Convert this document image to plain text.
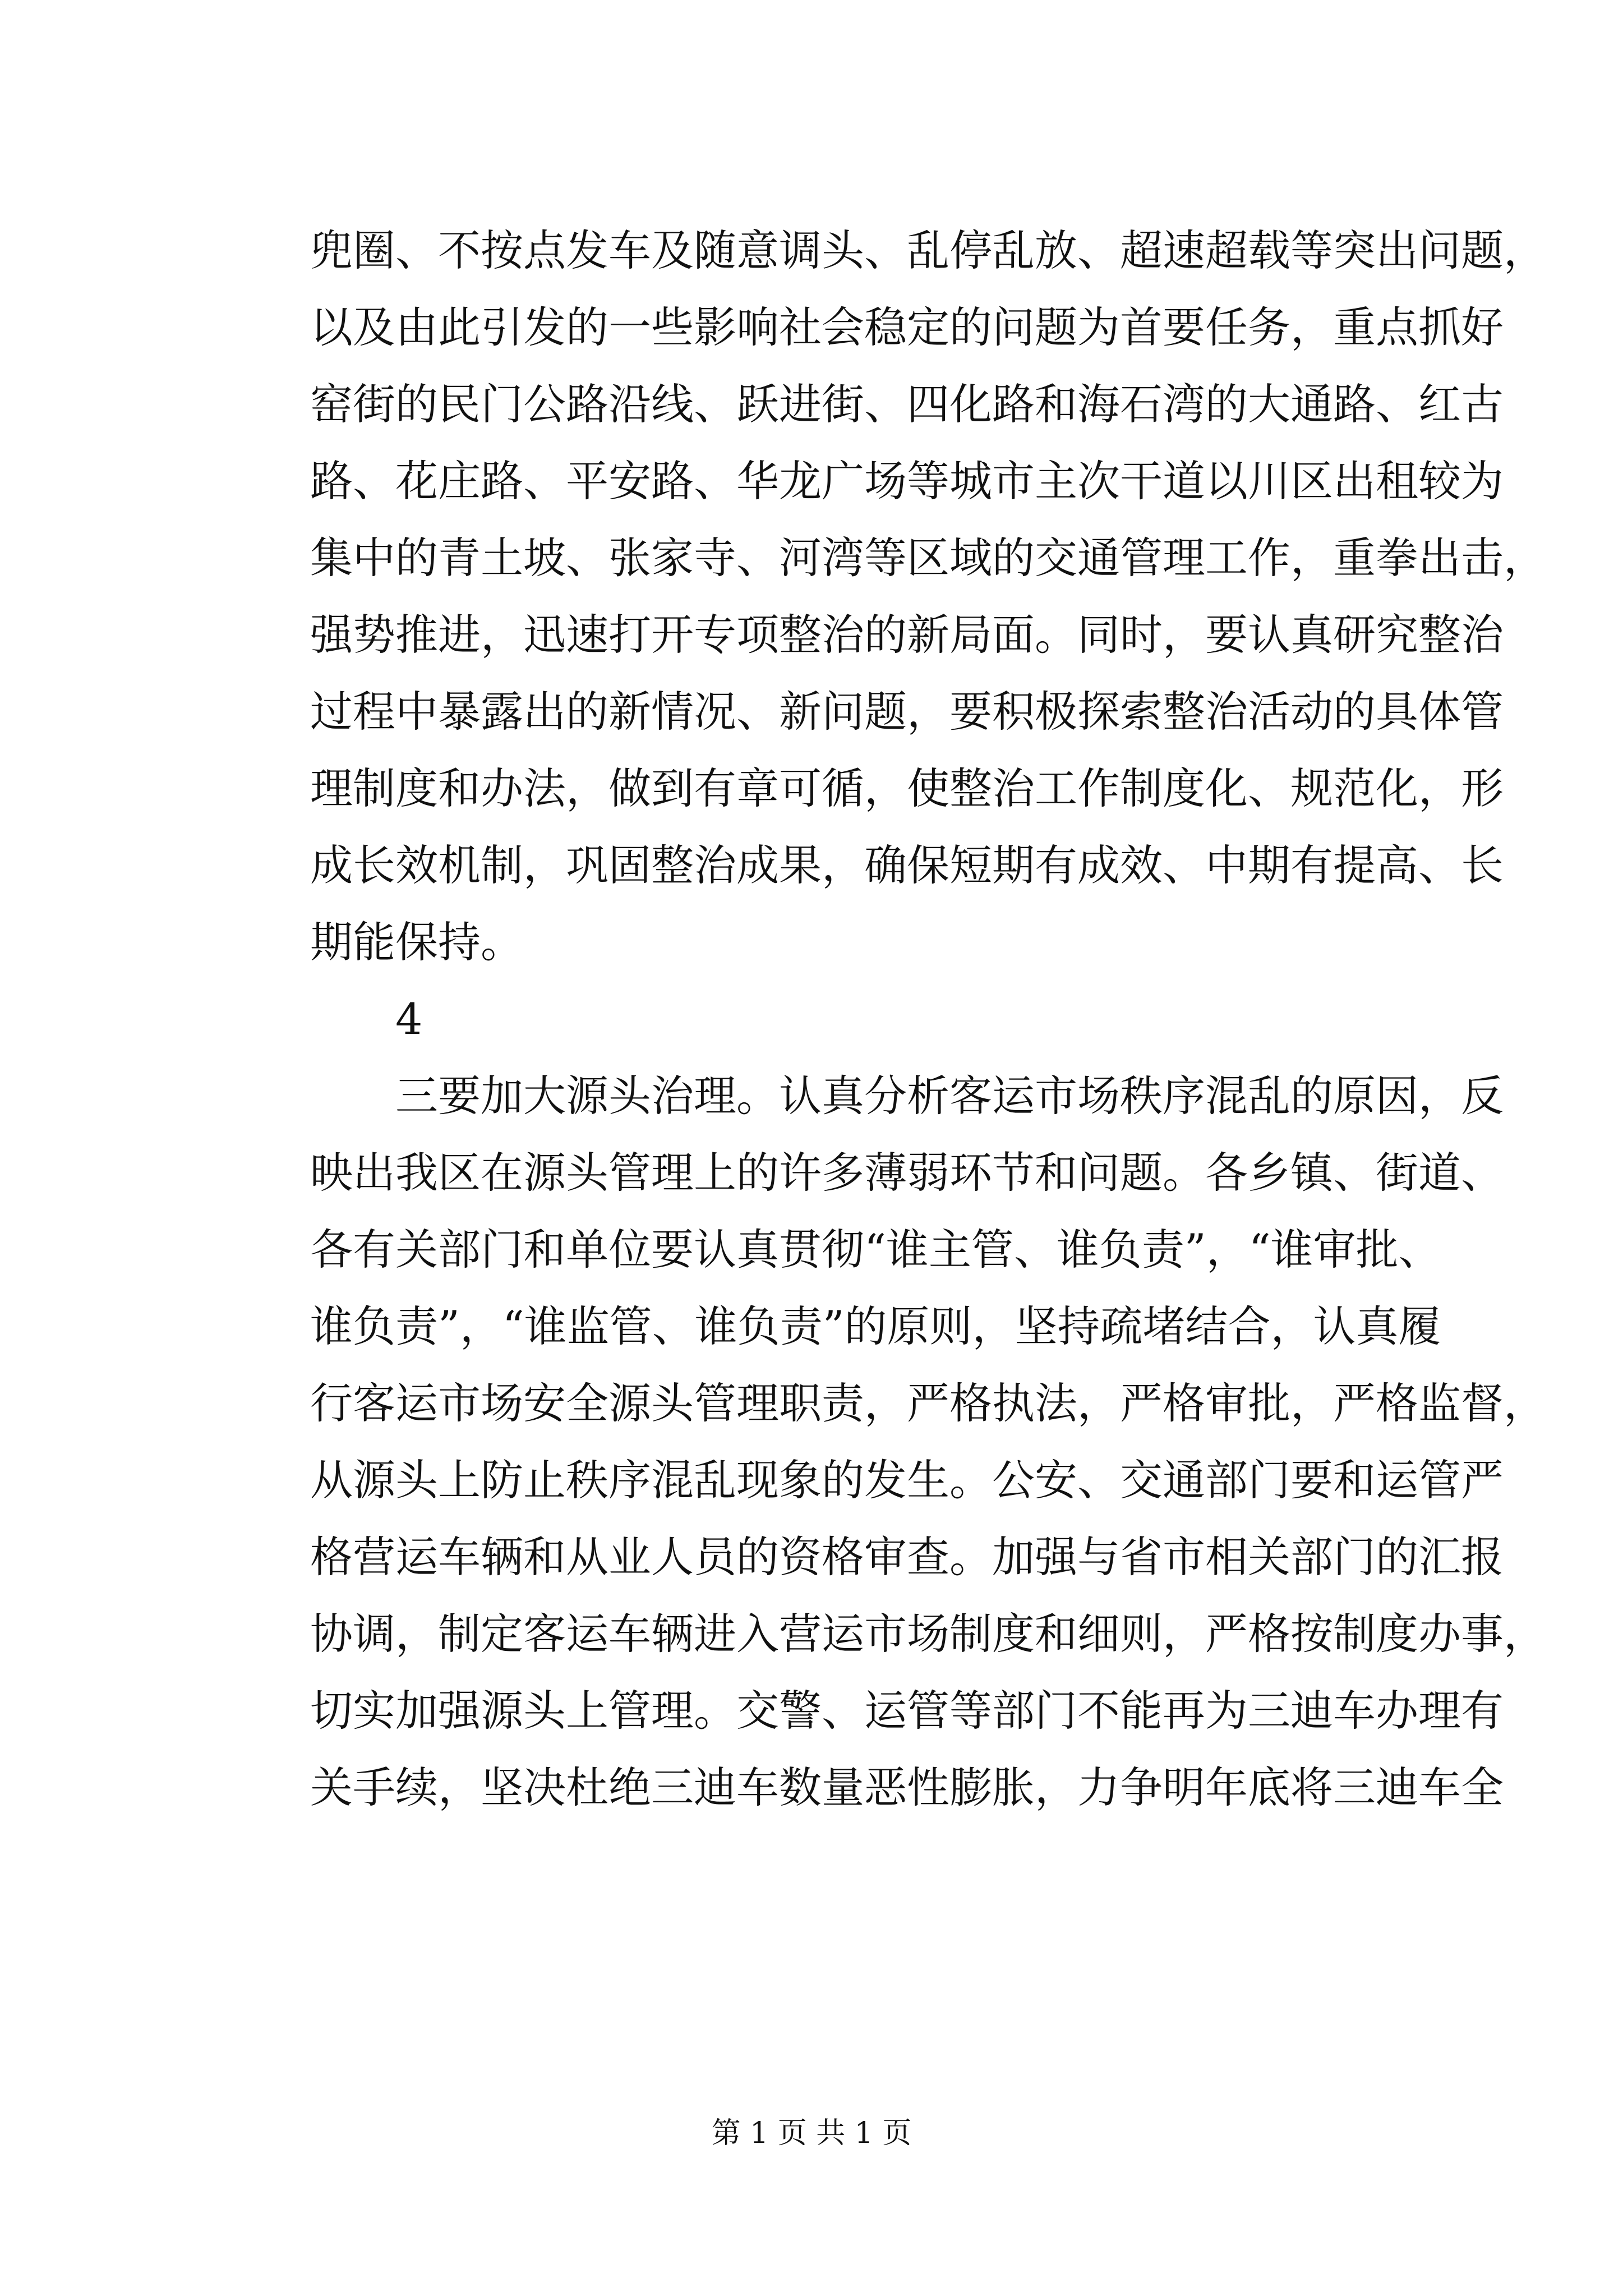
兜圈、不按点发车及随意调头、乱停乱放、超速超载等突出问题，
以及由此引发的一些影响社会稳定的问题为首要任务，重点抓好
窑街的民门公路沿线、跃进街、四化路和海石湾的大通路、红古
路、花庄路、平安路、华龙广场等城市主次干道以川区出租较为
集中的青土坡、张家寺、河湾等区域的交通管理工作，重拳出击，
强势推进，迅速打开专项整治的新局面。同时，要认真研究整治
过程中暴露出的新情况、新问题，要积极探索整治活动的具体管
理制度和办法，做到有章可循，使整治工作制度化、规范化，形
成长效机制，巩固整治成果，确保短期有成效、中期有提高、长
期能保持。
4
三要加大源头治理。认真分析客运市场秩序混乱的原因，反
映出我区在源头管理上的许多薄弱环节和问题。各乡镇、街道、
各有关部门和单位要认真贯彻“谁主管、谁负责”，“谁审批、
谁负责”，“谁监管、谁负责”的原则，坚持疏堵结合，认真履
行客运市场安全源头管理职责，严格执法，严格审批，严格监督，
从源头上防止秩序混乱现象的发生。公安、交通部门要和运管严
格营运车辆和从业人员的资格审查。加强与省市相关部门的汇报
协调，制定客运车辆进入营运市场制度和细则，严格按制度办事，
切实加强源头上管理。交警、运管等部门不能再为三迪车办理有
关手续，坚决杜绝三迪车数量恶性膨胀，力争明年底将三迪车全
第 1 页 共 1 页
